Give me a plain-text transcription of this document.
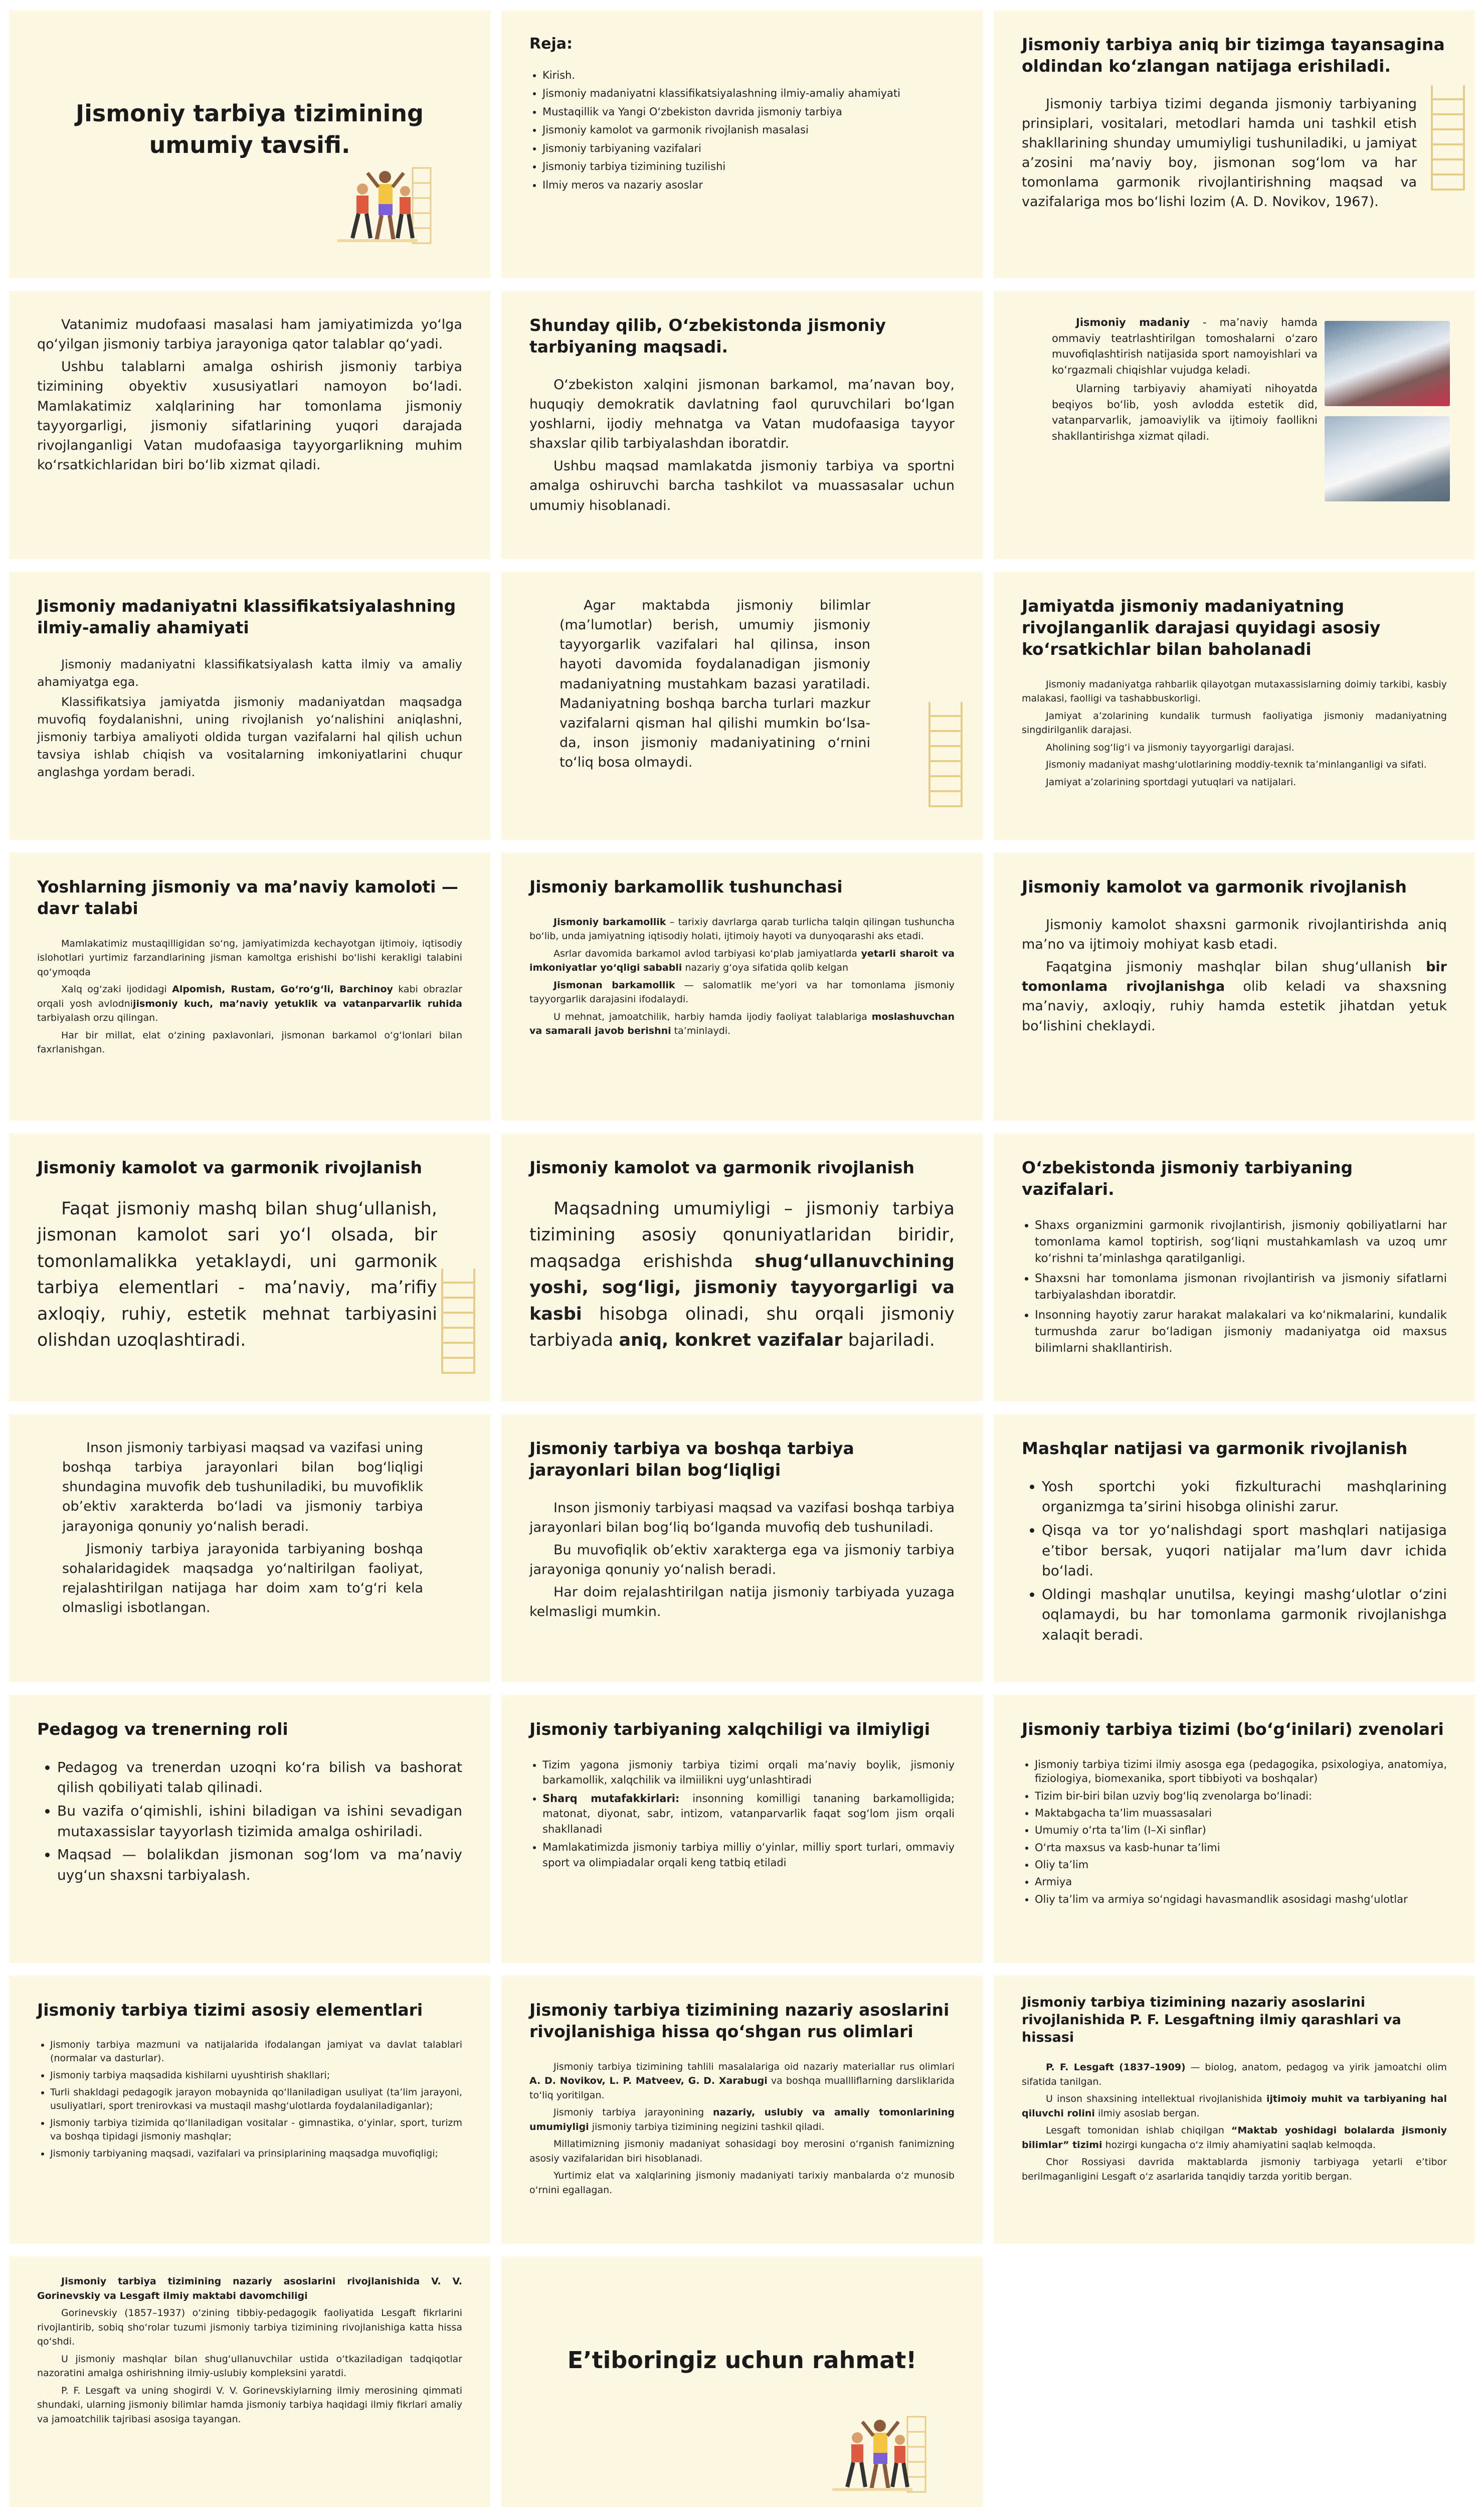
Jismoniy tarbiya tizimining umumiy tavsifi.
Reja:
• Kirish.
• Jismoniy madaniyatni klassifikatsiyalashning ilmiy-amaliy ahamiyati
• Mustaqillik va Yangi O‘zbekiston davrida jismoniy tarbiya
• Jismoniy kamolot va garmonik rivojlanish masalasi
• Jismoniy tarbiyaning vazifalari
• Jismoniy tarbiya tizimining tuzilishi
• Ilmiy meros va nazariy asoslar
Jismoniy tarbiya aniq bir tizimga tayansagina oldindan ko‘zlangan natijaga erishiladi.

Jismoniy tarbiya tizimi deganda jismoniy tarbiyaning prinsiplari, vositalari, metodlari hamda uni tashkil etish shakllarining shunday umumiyligi tushuniladiki, u jamiyat a’zosini ma’naviy boy, jismonan sog‘lom va har tomonlama garmonik rivojlantirishning maqsad va vazifalariga mos bo‘lishi lozim (A. D. Novikov, 1967).

Vatanimiz mudofaasi masalasi ham jamiyatimizda yo‘lga qo‘yilgan jismoniy tarbiya jarayoniga qator talablar qo‘yadi.

Ushbu talablarni amalga oshirish jismoniy tarbiya tizimining obyektiv xususiyatlari namoyon bo‘ladi. Mamlakatimiz xalqlarining har tomonlama jismoniy tayyorgarligi, jismoniy sifatlarining yuqori darajada rivojlanganligi Vatan mudofaasiga tayyorgarlikning muhim ko‘rsatkichlaridan biri bo‘lib xizmat qiladi.

Shunday qilib, O‘zbekistonda jismoniy tarbiyaning maqsadi.

O‘zbekiston xalqini jismonan barkamol, ma’navan boy, huquqiy demokratik davlatning faol quruvchilari bo‘lgan yoshlarni, ijodiy mehnatga va Vatan mudofaasiga tayyor shaxslar qilib tarbiyalashdan iboratdir.

Ushbu maqsad mamlakatda jismoniy tarbiya va sportni amalga oshiruvchi barcha tashkilot va muassasalar uchun umumiy hisoblanadi.

Jismoniy madaniy - ma’naviy hamda ommaviy teatrlashtirilgan tomoshalarni o‘zaro muvofiqlashtirish natijasida sport namoyishlari va ko‘rgazmali chiqishlar vujudga keladi.

Ularning tarbiyaviy ahamiyati nihoyatda beqiyos bo‘lib, yosh avlodda estetik did, vatanparvarlik, jamoaviylik va ijtimoiy faollikni shakllantirishga xizmat qiladi.

Jismoniy madaniyatni klassifikatsiyalashning ilmiy-amaliy ahamiyati

Jismoniy madaniyatni klassifikatsiyalash katta ilmiy va amaliy ahamiyatga ega.

Klassifikatsiya jamiyatda jismoniy madaniyatdan maqsadga muvofiq foydalanishni, uning rivojlanish yo‘nalishini aniqlashni, jismoniy tarbiya amaliyoti oldida turgan vazifalarni hal qilish uchun tavsiya ishlab chiqish va vositalarning imkoniyatlarini chuqur anglashga yordam beradi.

Agar maktabda jismoniy bilimlar (ma’lumotlar) berish, umumiy jismoniy tayyorgarlik vazifalari hal qilinsa, inson hayoti davomida foydalanadigan jismoniy madaniyatning mustahkam bazasi yaratiladi. Madaniyatning boshqa barcha turlari mazkur vazifalarni qisman hal qilishi mumkin bo‘lsa-da, inson jismoniy madaniyatining o‘rnini to‘liq bosa olmaydi.

Jamiyatda jismoniy madaniyatning rivojlanganlik darajasi quyidagi asosiy ko‘rsatkichlar bilan baholanadi

Jismoniy madaniyatga rahbarlik qilayotgan mutaxassislarning doimiy tarkibi, kasbiy malakasi, faolligi va tashabbuskorligi.

Jamiyat a’zolarining kundalik turmush faoliyatiga jismoniy madaniyatning singdirilganlik darajasi.

Aholining sog‘lig‘i va jismoniy tayyorgarligi darajasi.

Jismoniy madaniyat mashg‘ulotlarining moddiy-texnik ta’minlanganligi va sifati.

Jamiyat a’zolarining sportdagi yutuqlari va natijalari.

Yoshlarning jismoniy va ma’naviy kamoloti — davr talabi

Mamlakatimiz mustaqilligidan so‘ng, jamiyatimizda kechayotgan ijtimoiy, iqtisodiy islohotlari yurtimiz farzandlarining jisman kamoltga erishishi bo‘lishi kerakligi talabini qo‘ymoqda

Xalq og‘zaki ijodidagi Alpomish, Rustam, Go‘ro‘g‘li, Barchinoy kabi obrazlar orqali yosh avlodnijismoniy kuch, ma’naviy yetuklik va vatanparvarlik ruhida tarbiyalash orzu qilingan.

Har bir millat, elat o‘zining paxlavonlari, jismonan barkamol o‘g‘lonlari bilan faxrlanishgan.

Jismoniy barkamollik tushunchasi

Jismoniy barkamollik – tarixiy davrlarga qarab turlicha talqin qilingan tushuncha bo‘lib, unda jamiyatning iqtisodiy holati, ijtimoiy hayoti va dunyoqarashi aks etadi.

Asrlar davomida barkamol avlod tarbiyasi ko‘plab jamiyatlarda yetarli sharoit va imkoniyatlar yo‘qligi sababli nazariy g‘oya sifatida qolib kelgan

Jismonan barkamollik — salomatlik me’yori va har tomonlama jismoniy tayyorgarlik darajasini ifodalaydi.

U mehnat, jamoatchilik, harbiy hamda ijodiy faoliyat talablariga moslashuvchan va samarali javob berishni ta’minlaydi.

Jismoniy kamolot va garmonik rivojlanish

Jismoniy kamolot shaxsni garmonik rivojlantirishda aniq ma’no va ijtimoiy mohiyat kasb etadi.

Faqatgina jismoniy mashqlar bilan shug‘ullanish bir tomonlama rivojlanishga olib keladi va shaxsning ma’naviy, axloqiy, ruhiy hamda estetik jihatdan yetuk bo‘lishini cheklaydi.

Jismoniy kamolot va garmonik rivojlanish

Faqat jismoniy mashq bilan shug‘ullanish, jismonan kamolot sari yo‘l olsada, bir tomonlamalikka yetaklaydi, uni garmonik tarbiya elementlari - ma’naviy, ma’rifiy axloqiy, ruhiy, estetik mehnat tarbiyasini olishdan uzoqlashtiradi.

Jismoniy kamolot va garmonik rivojlanish

Maqsadning umumiyligi – jismoniy tarbiya tizimining asosiy qonuniyatlaridan biridir, maqsadga erishishda shug‘ullanuvchining yoshi, sog‘ligi, jismoniy tayyorgarligi va kasbi hisobga olinadi, shu orqali jismoniy tarbiyada aniq, konkret vazifalar bajariladi.

O‘zbekistonda jismoniy tarbiyaning vazifalari.
• Shaxs organizmini garmonik rivojlantirish, jismoniy qobiliyatlarni har tomonlama kamol toptirish, sog‘liqni mustahkamlash va uzoq umr ko‘rishni ta’minlashga qaratilganligi.
• Shaxsni har tomonlama jismonan rivojlantirish va jismoniy sifatlarni tarbiyalashdan iboratdir.
• Insonning hayotiy zarur harakat malakalari va ko‘nikmalarini, kundalik turmushda zarur bo‘ladigan jismoniy madaniyatga oid maxsus bilimlarni shakllantirish.

Inson jismoniy tarbiyasi maqsad va vazifasi uning boshqa tarbiya jarayonlari bilan bog‘liqligi shundagina muvofik deb tushuniladiki, bu muvofiklik ob’ektiv xarakterda bo‘ladi va jismoniy tarbiya jarayoniga qonuniy yo‘nalish beradi.

Jismoniy tarbiya jarayonida tarbiyaning boshqa sohalaridagidek maqsadga yo‘naltirilgan faoliyat, rejalashtirilgan natijaga har doim xam to‘g‘ri kela olmasligi isbotlangan.

Jismoniy tarbiya va boshqa tarbiya jarayonlari bilan bog‘liqligi

Inson jismoniy tarbiyasi maqsad va vazifasi boshqa tarbiya jarayonlari bilan bog‘liq bo‘lganda muvofiq deb tushuniladi.

Bu muvofiqlik ob’ektiv xarakterga ega va jismoniy tarbiya jarayoniga qonuniy yo‘nalish beradi.

Har doim rejalashtirilgan natija jismoniy tarbiyada yuzaga kelmasligi mumkin.

Mashqlar natijasi va garmonik rivojlanish
• Yosh sportchi yoki fizkulturachi mashqlarining organizmga ta’sirini hisobga olinishi zarur.
• Qisqa va tor yo‘nalishdagi sport mashqlari natijasiga e’tibor bersak, yuqori natijalar ma’lum davr ichida bo‘ladi.
• Oldingi mashqlar unutilsa, keyingi mashg‘ulotlar o‘zini oqlamaydi, bu har tomonlama garmonik rivojlanishga xalaqit beradi.
Pedagog va trenerning roli
• Pedagog va trenerdan uzoqni ko‘ra bilish va bashorat qilish qobiliyati talab qilinadi.
• Bu vazifa o‘qimishli, ishini biladigan va ishini sevadigan mutaxassislar tayyorlash tizimida amalga oshiriladi.
• Maqsad — bolalikdan jismonan sog‘lom va ma’naviy uyg‘un shaxsni tarbiyalash.
Jismoniy tarbiyaning xalqchiligi va ilmiyligi
• Tizim yagona jismoniy tarbiya tizimi orqali ma’naviy boylik, jismoniy barkamollik, xalqchilik va ilmiilikni uyg‘unlashtiradi
• Sharq mutafakkirlari: insonning komilligi tananing barkamolligida; matonat, diyonat, sabr, intizom, vatanparvarlik faqat sog‘lom jism orqali shakllanadi
• Mamlakatimizda jismoniy tarbiya milliy o‘yinlar, milliy sport turlari, ommaviy sport va olimpiadalar orqali keng tatbiq etiladi
Jismoniy tarbiya tizimi (bo‘g‘inilari) zvenolari
• Jismoniy tarbiya tizimi ilmiy asosga ega (pedagogika, psixologiya, anatomiya, fiziologiya, biomexanika, sport tibbiyoti va boshqalar)
• Tizim bir-biri bilan uzviy bog‘liq zvenolarga bo‘linadi:
• Maktabgacha ta’lim muassasalari
• Umumiy o‘rta ta’lim (I–Xi sinflar)
• O‘rta maxsus va kasb-hunar ta’limi
• Oliy ta’lim
• Armiya
• Oliy ta’lim va armiya so‘ngidagi havasmandlik asosidagi mashg‘ulotlar
Jismoniy tarbiya tizimi asosiy elementlari
• Jismoniy tarbiya mazmuni va natijalarida ifodalangan jamiyat va davlat talablari (normalar va dasturlar).
• Jismoniy tarbiya maqsadida kishilarni uyushtirish shakllari;
• Turli shakldagi pedagogik jarayon mobaynida qo‘llaniladigan usuliyat (ta’lim jarayoni, usuliyatlari, sport trenirovkasi va mustaqil mashg‘ulotlarda foydalaniladiganlar);
• Jismoniy tarbiya tizimida qo‘llaniladigan vositalar - gimnastika, o‘yinlar, sport, turizm va boshqa tipidagi jismoniy mashqlar;
• Jismoniy tarbiyaning maqsadi, vazifalari va prinsiplarining maqsadga muvofiqligi;
Jismoniy tarbiya tizimining nazariy asoslarini rivojlanishiga hissa qo‘shgan rus olimlari

Jismoniy tarbiya tizimining tahlili masalalariga oid nazariy materiallar rus olimlari A. D. Novikov, L. P. Matveev, G. D. Xarabugi va boshqa muallliflarning darsliklarida to‘liq yoritilgan.

Jismoniy tarbiya jarayonining nazariy, uslubiy va amaliy tomonlarining umumiyligi jismoniy tarbiya tizimining negizini tashkil qiladi.

Millatimizning jismoniy madaniyat sohasidagi boy merosini o‘rganish fanimizning asosiy vazifalaridan biri hisoblanadi.

Yurtimiz elat va xalqlarining jismoniy madaniyati tarixiy manbalarda o‘z munosib o‘rnini egallagan.

Jismoniy tarbiya tizimining nazariy asoslarini rivojlanishida P. F. Lesgaftning ilmiy qarashlari va hissasi

P. F. Lesgaft (1837–1909) — biolog, anatom, pedagog va yirik jamoatchi olim sifatida tanilgan.

U inson shaxsining intellektual rivojlanishida ijtimoiy muhit va tarbiyaning hal qiluvchi rolini ilmiy asoslab bergan.

Lesgaft tomonidan ishlab chiqilgan “Maktab yoshidagi bolalarda jismoniy bilimlar” tizimi hozirgi kungacha o‘z ilmiy ahamiyatini saqlab kelmoqda.

Chor Rossiyasi davrida maktablarda jismoniy tarbiyaga yetarli e’tibor berilmaganligini Lesgaft o‘z asarlarida tanqidiy tarzda yoritib bergan.

Jismoniy tarbiya tizimining nazariy asoslarini rivojlanishida V. V. Gorinevskiy va Lesgaft ilmiy maktabi davomchiligi

Gorinevskiy (1857–1937) o‘zining tibbiy-pedagogik faoliyatida Lesgaft fikrlarini rivojlantirib, sobiq sho‘rolar tuzumi jismoniy tarbiya tizimining rivojlanishiga katta hissa qo‘shdi.

U jismoniy mashqlar bilan shug‘ullanuvchilar ustida o‘tkaziladigan tadqiqotlar nazoratini amalga oshirishning ilmiy-uslubiy kompleksini yaratdi.

P. F. Lesgaft va uning shogirdi V. V. Gorinevskiylarning ilmiy merosining qimmati shundaki, ularning jismoniy bilimlar hamda jismoniy tarbiya haqidagi ilmiy fikrlari amaliy va jamoatchilik tajribasi asosiga tayangan.

E’tiboringiz uchun rahmat!
